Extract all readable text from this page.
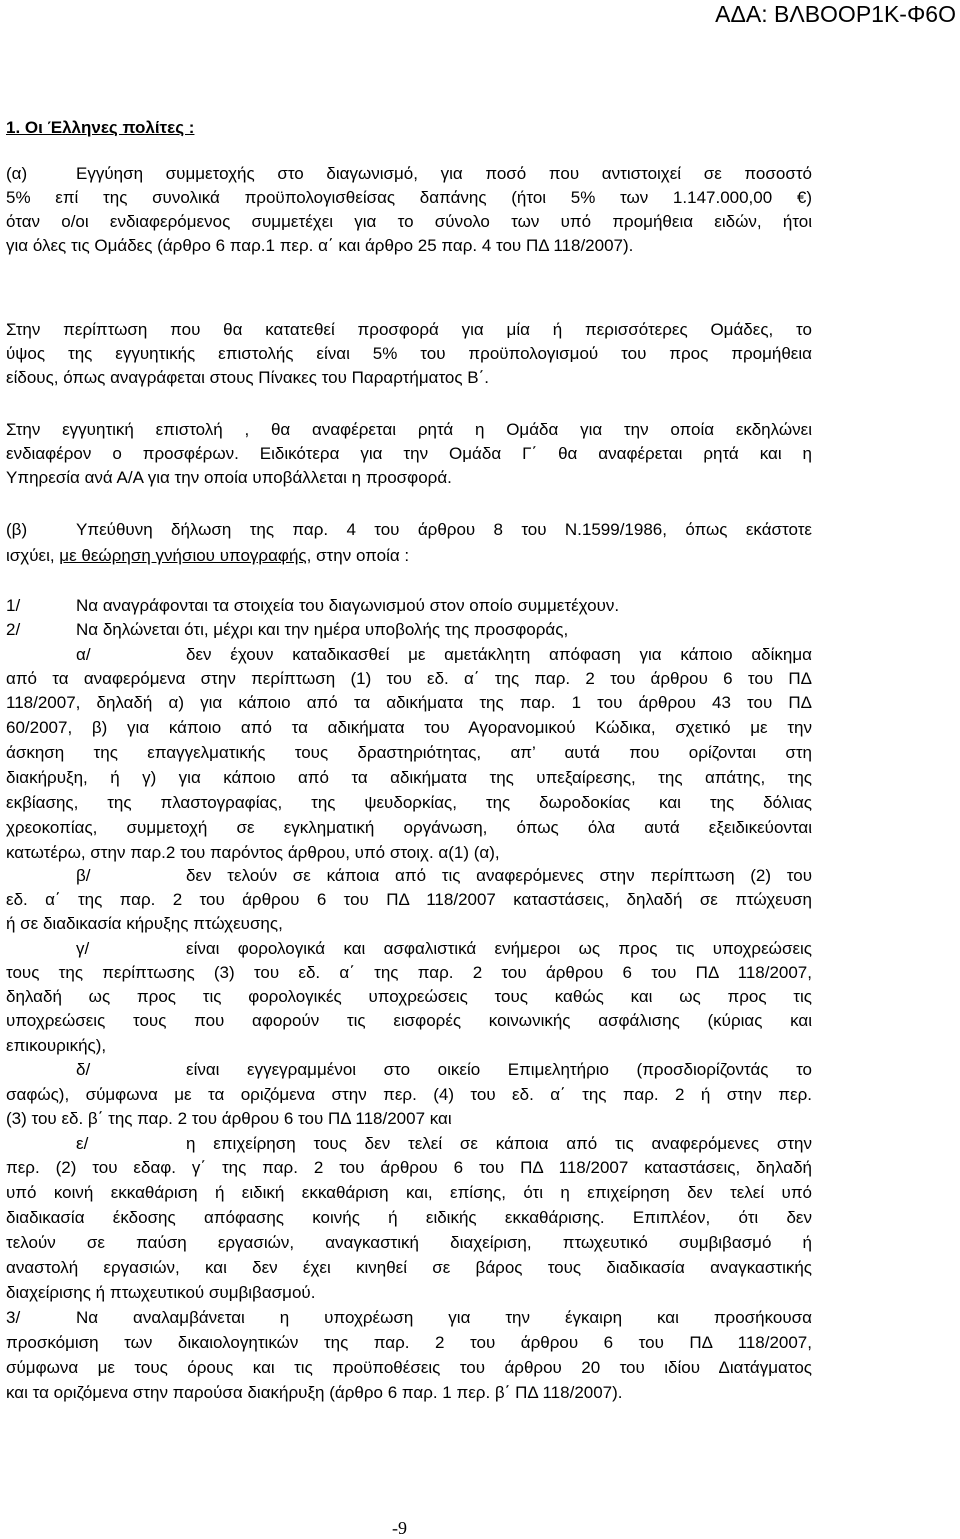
ΑΔΑ: ΒΛΒΟΟΡ1Κ-Φ6Ο
1. Οι Έλληνες πολίτες :
(α)	Εγγύηση συμμετοχής στο διαγωνισμό, για ποσό που αντιστοιχεί σε ποσοστό
5% επί της συνολικά προϋπολογισθείσας δαπάνης (ήτοι 5% των 1.147.000,00 €)
όταν ο/οι ενδιαφερόμενος συμμετέχει για το σύνολο των υπό προμήθεια ειδών, ήτοι
για όλες τις Ομάδες (άρθρο 6 παρ.1 περ. α΄ και άρθρο 25 παρ. 4 του ΠΔ 118/2007).
Στην περίπτωση που θα κατατεθεί προσφορά για μία ή περισσότερες Ομάδες, το
ύψος της εγγυητικής επιστολής είναι 5% του προϋπολογισμού του προς προμήθεια
είδους, όπως αναγράφεται στους Πίνακες του Παραρτήματος Β΄.
Στην εγγυητική επιστολή , θα αναφέρεται ρητά η Ομάδα για την οποία εκδηλώνει
ενδιαφέρον ο προσφέρων. Ειδικότερα για την Ομάδα Γ΄ θα αναφέρεται ρητά και η
Υπηρεσία ανά Α/Α για την οποία υποβάλλεται η προσφορά.
(β)	Υπεύθυνη δήλωση της παρ. 4 του άρθρου 8 του Ν.1599/1986, όπως εκάστοτε
ισχύει, με θεώρηση γνήσιου υπογραφής, στην οποία :
1/	Να αναγράφονται τα στοιχεία του διαγωνισμού στον οποίο συμμετέχουν.
2/	Να δηλώνεται ότι, μέχρι και την ημέρα υποβολής της προσφοράς,
α/	δεν έχουν καταδικασθεί με αμετάκλητη απόφαση για κάποιο αδίκημα
από τα αναφερόμενα στην περίπτωση (1) του εδ. α΄ της παρ. 2 του άρθρου 6 του ΠΔ
118/2007, δηλαδή α) για κάποιο από τα αδικήματα της παρ. 1 του άρθρου 43 του ΠΔ
60/2007, β) για κάποιο από τα αδικήματα του Αγορανομικού Κώδικα, σχετικό με την
άσκηση της επαγγελματικής τους δραστηριότητας, απ’ αυτά που ορίζονται στη
διακήρυξη, ή γ) για κάποιο από τα αδικήματα της υπεξαίρεσης, της απάτης, της
εκβίασης, της πλαστογραφίας, της ψευδορκίας, της δωροδοκίας και της δόλιας
χρεοκοπίας, συμμετοχή σε εγκληματική οργάνωση, όπως όλα αυτά εξειδικεύονται
κατωτέρω, στην παρ.2 του παρόντος άρθρου, υπό στοιχ. α(1) (α),
β/	δεν τελούν σε κάποια από τις αναφερόμενες στην περίπτωση (2) του
εδ. α΄ της παρ. 2 του άρθρου 6 του ΠΔ 118/2007 καταστάσεις, δηλαδή σε πτώχευση
ή σε διαδικασία κήρυξης πτώχευσης,
γ/	είναι φορολογικά και ασφαλιστικά ενήμεροι ως προς τις υποχρεώσεις
τους της περίπτωσης (3) του εδ. α΄ της παρ. 2 του άρθρου 6 του ΠΔ 118/2007,
δηλαδή ως προς τις φορολογικές υποχρεώσεις τους καθώς και ως προς τις
υποχρεώσεις τους που αφορούν τις εισφορές κοινωνικής ασφάλισης (κύριας και
επικουρικής),
δ/	είναι εγγεγραμμένοι στο οικείο Επιμελητήριο (προσδιορίζοντάς το
σαφώς), σύμφωνα με τα οριζόμενα στην περ. (4) του εδ. α΄ της παρ. 2 ή στην περ.
(3) του εδ. β΄ της παρ. 2 του άρθρου 6 του ΠΔ 118/2007 και
ε/	η επιχείρηση τους δεν τελεί σε κάποια από τις αναφερόμενες στην
περ. (2) του εδαφ. γ΄ της παρ. 2 του άρθρου 6 του ΠΔ 118/2007 καταστάσεις, δηλαδή
υπό κοινή εκκαθάριση ή ειδική εκκαθάριση και, επίσης, ότι η επιχείρηση δεν τελεί υπό
διαδικασία έκδοσης απόφασης κοινής ή ειδικής εκκαθάρισης. Επιπλέον, ότι δεν
τελούν σε παύση εργασιών, αναγκαστική διαχείριση, πτωχευτικό συμβιβασμό ή
αναστολή εργασιών, και δεν έχει κινηθεί σε βάρος τους διαδικασία αναγκαστικής
διαχείρισης ή πτωχευτικού συμβιβασμού.
3/	Να αναλαμβάνεται η υποχρέωση για την έγκαιρη και προσήκουσα
προσκόμιση των δικαιολογητικών της παρ. 2 του άρθρου 6 του ΠΔ 118/2007,
σύμφωνα με τους όρους και τις προϋποθέσεις του άρθρου 20 του ιδίου Διατάγματος
και τα οριζόμενα στην παρούσα διακήρυξη (άρθρο 6 παρ. 1 περ. β΄ ΠΔ 118/2007).
-9
